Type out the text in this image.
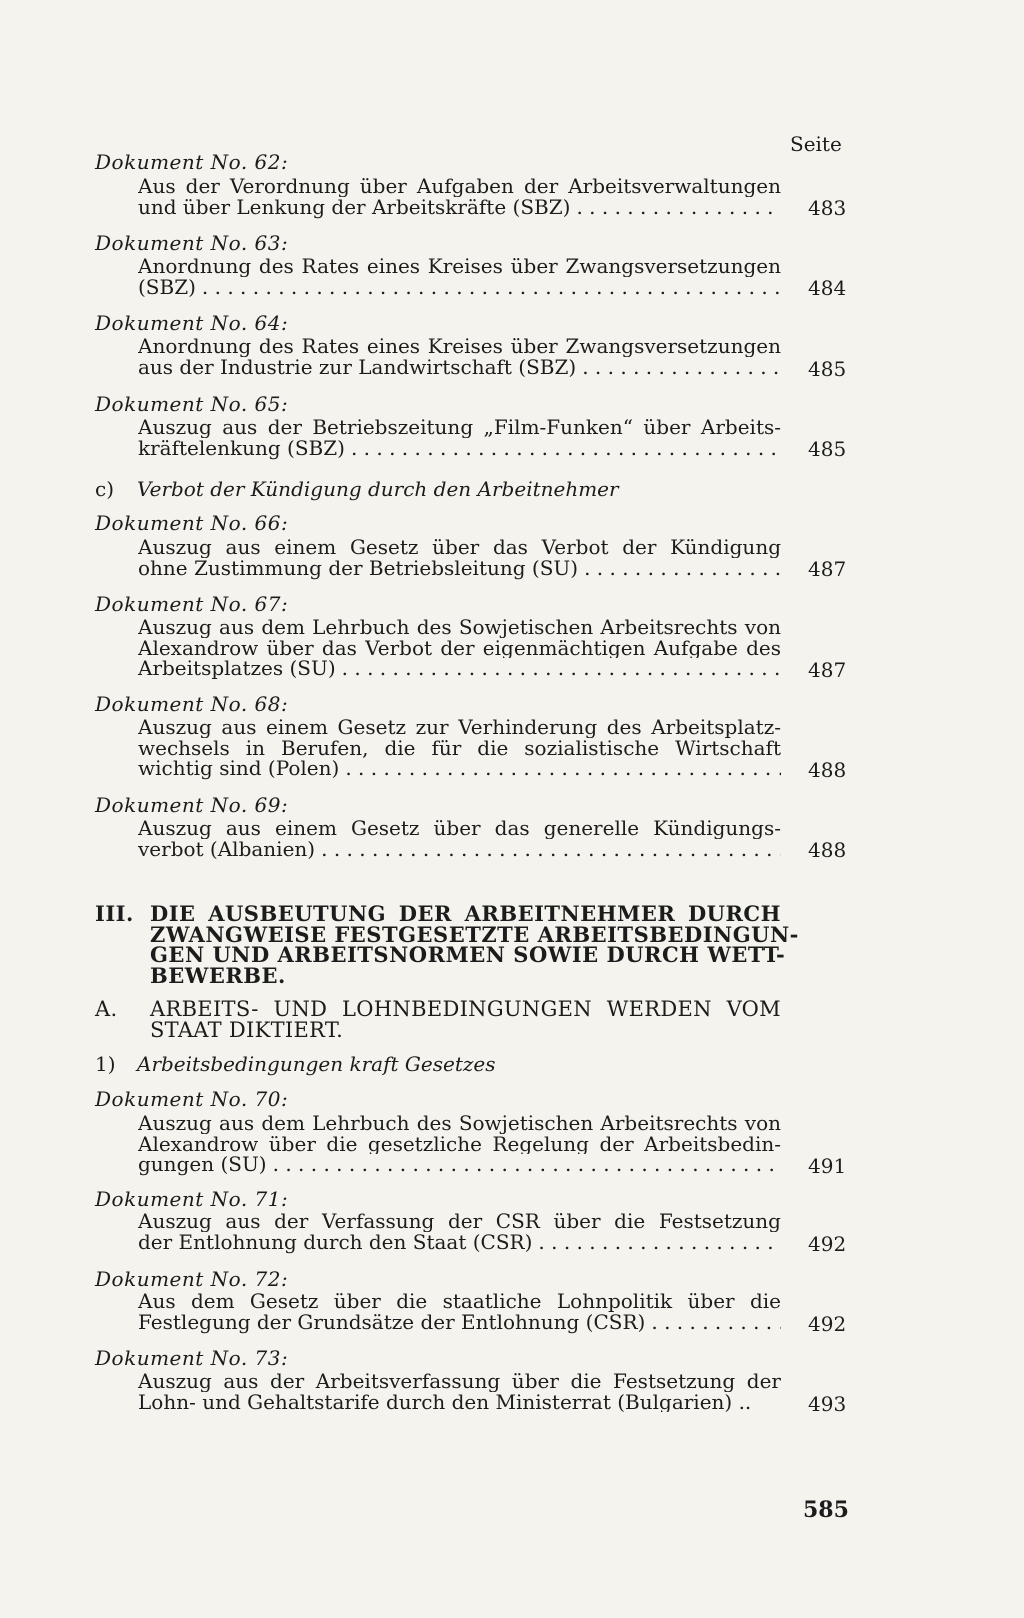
Seite
Dokument No. 62:
Aus der Verordnung über Aufgaben der Arbeitsverwaltungen
und über Lenkung der Arbeitskräfte (SBZ) . . .	483
Dokument No. 63:
Anordnung des Rates eines Kreises über Zwangsversetzungen
(SBZ) . . .	484
Dokument No. 64:
Anordnung des Rates eines Kreises über Zwangsversetzungen
aus der Industrie zur Landwirtschaft (SBZ) . . .	485
Dokument No. 65:
Auszug aus der Betriebszeitung „Film-Funken“ über Arbeits-
kräftelenkung (SBZ) . . .	485
c) Verbot der Kündigung durch den Arbeitnehmer
Dokument No. 66:
Auszug aus einem Gesetz über das Verbot der Kündigung
ohne Zustimmung der Betriebsleitung (SU) . . .	487
Dokument No. 67:
Auszug aus dem Lehrbuch des Sowjetischen Arbeitsrechts von
Alexandrow über das Verbot der eigenmächtigen Aufgabe des
Arbeitsplatzes (SU) . . .	487
Dokument No. 68:
Auszug aus einem Gesetz zur Verhinderung des Arbeitsplatz-
wechsels in Berufen, die für die sozialistische Wirtschaft
wichtig sind (Polen) . . .	488
Dokument No. 69:
Auszug aus einem Gesetz über das generelle Kündigungs-
verbot (Albanien) . . .	488
III. DIE AUSBEUTUNG DER ARBEITNEHMER DURCH
ZWANGWEISE FESTGESETZTE ARBEITSBEDINGUN-
GEN UND ARBEITSNORMEN SOWIE DURCH WETT-
BEWERBE.
A. ARBEITS- UND LOHNBEDINGUNGEN WERDEN VOM
STAAT DIKTIERT.
1) Arbeitsbedingungen kraft Gesetzes
Dokument No. 70:
Auszug aus dem Lehrbuch des Sowjetischen Arbeitsrechts von
Alexandrow über die gesetzliche Regelung der Arbeitsbedin-
gungen (SU) . . .	491
Dokument No. 71:
Auszug aus der Verfassung der CSR über die Festsetzung
der Entlohnung durch den Staat (CSR) . . .	492
Dokument No. 72:
Aus dem Gesetz über die staatliche Lohnpolitik über die
Festlegung der Grundsätze der Entlohnung (CSR) . . .	492
Dokument No. 73:
Auszug aus der Arbeitsverfassung über die Festsetzung der
Lohn- und Gehaltstarife durch den Ministerrat (Bulgarien) ..	493
585
